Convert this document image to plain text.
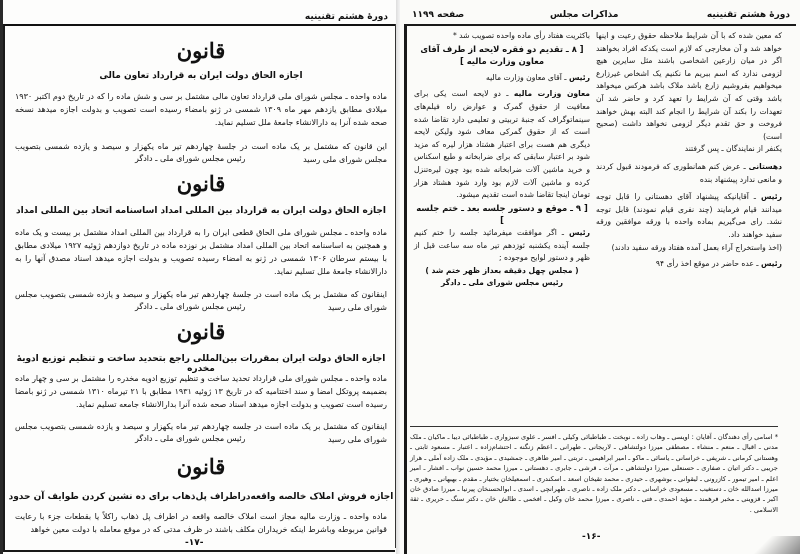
دورهٔ هشتم تقنینیه
قانون
اجازه الحاق دولت ایران به قرارداد تعاون مالی
ماده واحده ـ مجلس شورای ملی قرارداد تعاون مالی مشتمل بر سی و شش ماده را که در تاریخ دوم اکتبر ۱۹۳۰ میلادی مطابق یازدهم مهر ماه ۱۳۰۹ شمسی در ژنو بامضاء رسیده است تصویب و بدولت اجازه میدهد نسخه صحه شده آنرا به دارالانشاء جامعهٔ ملل تسلیم نماید.
این قانون که مشتمل بر یک ماده است در جلسهٔ چهاردهم تیر ماه یکهزار و سیصد و یازده شمسی بتصویب مجلس شورای ملی رسید
رئیس مجلس شورای ملی ـ دادگر
قانون
اجازه الحاق دولت ایران به قرارداد بین المللی امداد اساسنامه اتحاد بین المللی امداد
ماده واحده ـ مجلس شورای ملی الحاق قطعی ایران را به قرارداد بین المللی امداد مشتمل بر بیست و یک ماده و همچنین به اساسنامه اتحاد بین المللی امداد مشتمل بر نوزده ماده در تاریخ دوازدهم ژوئیه ۱۹۲۷ میلادی مطابق با بیستم سرطان ۱۳۰۶ شمسی در ژنو به امضاء رسیده تصویب و بدولت اجازه میدهد اسناد مصدق آنها را به دارالانشاء جامعهٔ ملل تسلیم نماید.
اینقانون که مشتمل بر یک ماده است در جلسهٔ چهاردهم تیر ماه یکهزار و سیصد و یازده شمسی بتصویب مجلس شورای ملی رسید
رئیس مجلس شورای ملی ـ دادگر
قانون
اجازه الحاق دولت ایران بمقررات بین‌المللی راجع بتحدید ساخت و تنظیم توزیع ادویهٔ مخدره
ماده واحده ـ مجلس شورای ملی قرارداد تحدید ساخت و تنظیم توزیع ادویه مخدره را مشتمل بر سی و چهار ماده بضمیمه پروتکل امضا و سند اختتامیه که در تاریخ ۱۳ ژوئیه ۱۹۳۱ مطابق با ۲۱ تیرماه ۱۳۱۰ شمسی در ژنو بامضا رسیده است تصویب و بدولت اجازه میدهد اسناد صحه شده آنرا بدارالانشاء جامعه تسلیم نماید.
اینقانون که مشتمل بر یک ماده است در جلسه چهاردهم تیر ماه یکهزار و سیصد و یازده شمسی بتصویب مجلس شورای ملی رسید
رئیس مجلس شورای ملی ـ دادگر
قانون
اجازه فروش املاک خالصه واقعه‌دراطراف پل‌ذهاب برای ده نشین کردن طوایف آن حدود
ماده واحده ـ وزارت مالیه مجاز است املاک خالصه واقعه در اطراف پل ذهاب راکلاً یا بقطعات جزء با رعایت قوانین مربوطه وباشرط اینکه خریداران مکلف باشند در ظرف مدتی که در موقع معامله با دولت معین خواهد
-۱۷-
دورهٔ هشتم تقنینیه
مذاکرات مجلس
صفحه ۱۱۹۹

که معین شده که با آن شرایط ملاحظه حقوق رعیت و اینها خواهد شد و آن مخارجی که لازم است یکدکه افراد بخواهند اگر در میان زارعین اشخاصی باشند مثل سایرین هیچ لزومی ندارد که اسم ببریم ما نکنیم یک اشخاص غیرزارع میخواهیم بفروشیم زارع باشد ملاک باشد هرکس میخواهد باشد وقتی که آن شرایط را تعهد کرد و حاضر شد آن تعهدات را بکند آن شرایط را انجام کند البته بهش خواهند فروخت و حق تقدم دیگر لزومی نخواهد داشت (صحیح است)

یکنفر از نمایندگان ـ پس گرفتند

دهستانی ـ عرض کنم همانطوری که فرمودند قبول کردند و مانعی ندارد پیشنهاد بنده

رئیس ـ آقایانیکه پیشنهاد آقای دهستانی را قابل توجه میدانند قیام فرمایند (چند نفری قیام نمودند) قابل توجه نشد. رای می‌گیریم بماده واحده با ورقه موافقین ورقه سفید خواهند داد.

(اخذ واستخراج آراء بعمل آمده هفتاد ورقه سفید دادند)

رئیس ـ عده حاضر در موقع اخذ رأی ۹۴

باکثریت هفتاد رأی ماده واحده تصویب شد *

[ ۸ ـ تقدیم دو فقره لایحه از طرف آقای معاون وزارت مالیه ]

رئیس ـ آقای معاون وزارت مالیه

معاون وزارت مالیه ـ دو لایحه است یکی برای معافیت از حقوق گمرک و عوارض راه فیلم‌های سینماتوگراف که جنبهٔ تربیتی و تعلیمی دارد تقاضا شده است که از حقوق گمرکی معاف شود ولیکن لایحه دیگری هم هست برای اعتبار هشتاد هزار لیره که مزید شود بر اعتبار سابقی که برای ضرابخانه و طبع اسکناس و خرید ماشین آلات ضرابخانه شده بود چون لیره‌تنزل کرده و ماشین آلات لازم بود وارد شود هشتاد هزار تومان اینجا تقاضا شده است تقدیم میشود.

[ ۹ ـ موقع و دستور جلسه بعد ـ ختم جلسه ]

رئیس ـ اگر موافقت میفرمائید جلسه را ختم کنیم جلسه آینده یکشنبه ئوزدهم تیر ماه سه ساعت قبل از ظهر و دستور لوایح موجوده ;

( مجلس چهل دقیقه بعداز ظهر ختم شد )

رئیس مجلس شورای ملی ـ دادگر

* اسامی رأی دهندگان ـ آقایان : اویسی ـ وهاب زاده ـ نوبخت ـ طباطبائی وکیلی ـ افسر ـ علوی سبزواری ـ طباطبائی دیبا ـ ماکیان ـ ملک مدنی ـ اقبال ـ منعم ـ منشاء ـ مصطفی میرزا دولتشاهی ـ لاریجانی ـ طهرانی ـ اعظم زنگنه ـ احتشام‌زاده ـ اعتبار ـ مسعود ثابتی ـ وهستانی کرمانی ـ شریفی ـ خراسانی ـ یاسائی ـ ماکو ـ امیر ابراهیمی ـ تربتی ـ امیر طاهری ـ جمشیدی ـ مؤیدی ـ ملک زاده آملی ـ هراز جریبی ـ دکتر اتیان ـ صفاری ـ حسنعلی میرزا دولتشاهی ـ مرآت ـ قرشی ـ جابری ـ دهستانی ـ میرزا محمد حسین نواب ـ افشار ـ امیر اعلم ـ امیر تیمور ـ کازرونی ـ لیقوانی ـ بوشهری ـ حیدری ـ محمد تقیخان اسعد ـ اسکندری ـ اسمعیلخان بختیار ـ مقدم ـ بهبهانی ـ وهیری ـ میرزا اسدالله خان ـ دستغیب ـ مسعودی خراسانی ـ دکتر ملک زاده ـ ناصری ـ طهرانچی ـ اسدی ـ ابوالحسنخان پیرنیا ـ میرزا صادق خان اکبر ـ قزوینی ـ مخبر فرهمند ـ مؤید احمدی ـ فتی ـ ناصری ـ میرزا محمد خان وکیل ـ افخمی ـ طالش خان ـ دکتر سنگ ـ حریری ـ ثقة الاسلامی .
-۱۶-
